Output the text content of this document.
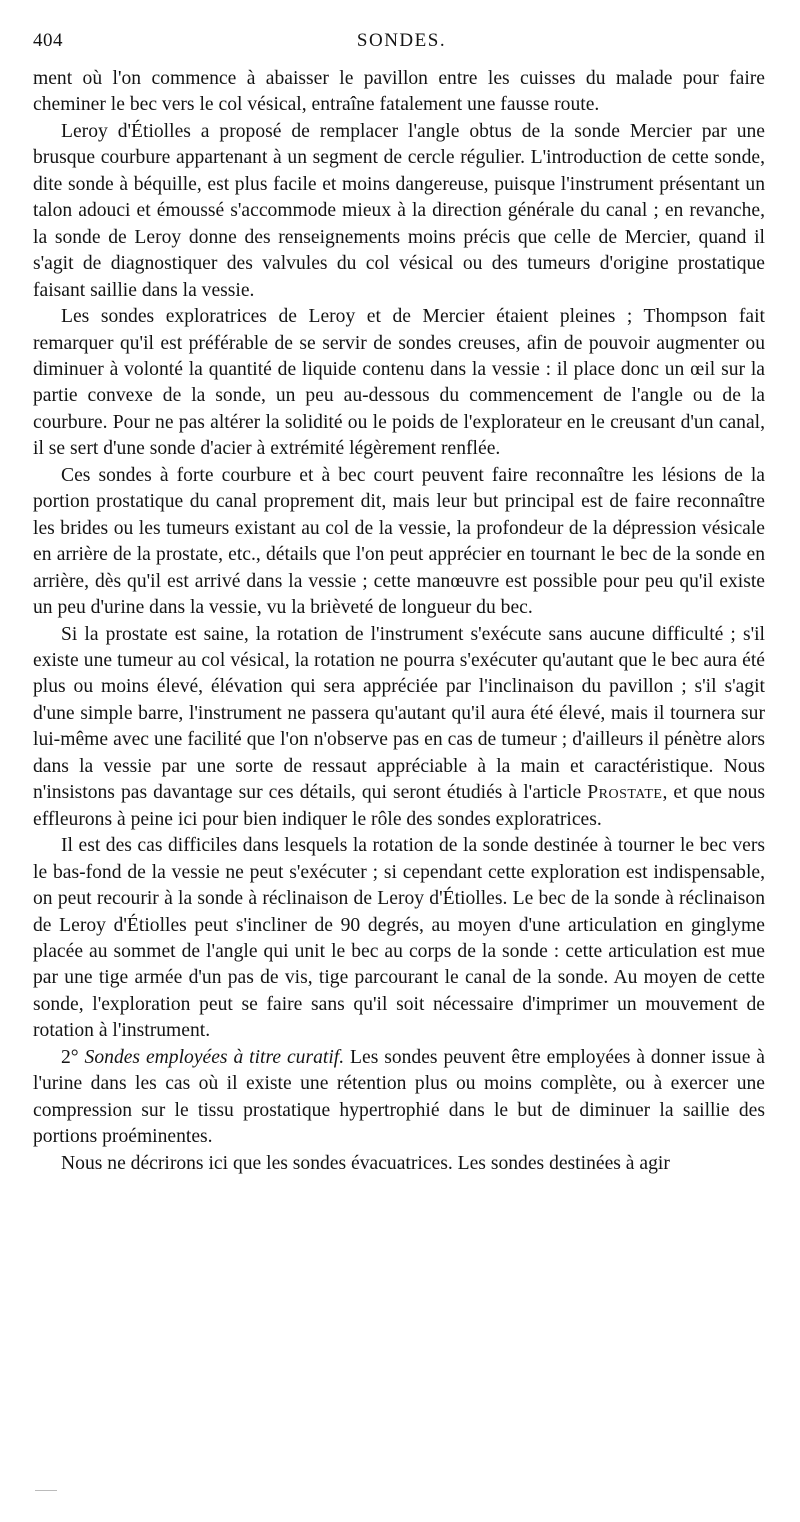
404	SONDES.

ment où l'on commence à abaisser le pavillon entre les cuisses du malade pour faire cheminer le bec vers le col vésical, entraîne fatalement une fausse route.

Leroy d'Étiolles a proposé de remplacer l'angle obtus de la sonde Mercier par une brusque courbure appartenant à un segment de cercle régulier. L'introduction de cette sonde, dite sonde à béquille, est plus facile et moins dangereuse, puisque l'instrument présentant un talon adouci et émoussé s'accommode mieux à la direction générale du canal ; en revanche, la sonde de Leroy donne des renseignements moins précis que celle de Mercier, quand il s'agit de diagnostiquer des valvules du col vésical ou des tumeurs d'origine prostatique faisant saillie dans la vessie.

Les sondes exploratrices de Leroy et de Mercier étaient pleines ; Thompson fait remarquer qu'il est préférable de se servir de sondes creuses, afin de pouvoir augmenter ou diminuer à volonté la quantité de liquide contenu dans la vessie : il place donc un œil sur la partie convexe de la sonde, un peu au-dessous du commencement de l'angle ou de la courbure. Pour ne pas altérer la solidité ou le poids de l'explorateur en le creusant d'un canal, il se sert d'une sonde d'acier à extrémité légèrement renflée.

Ces sondes à forte courbure et à bec court peuvent faire reconnaître les lésions de la portion prostatique du canal proprement dit, mais leur but principal est de faire reconnaître les brides ou les tumeurs existant au col de la vessie, la profondeur de la dépression vésicale en arrière de la prostate, etc., détails que l'on peut apprécier en tournant le bec de la sonde en arrière, dès qu'il est arrivé dans la vessie ; cette manœuvre est possible pour peu qu'il existe un peu d'urine dans la vessie, vu la brièveté de longueur du bec.

Si la prostate est saine, la rotation de l'instrument s'exécute sans aucune difficulté ; s'il existe une tumeur au col vésical, la rotation ne pourra s'exécuter qu'autant que le bec aura été plus ou moins élevé, élévation qui sera appréciée par l'inclinaison du pavillon ; s'il s'agit d'une simple barre, l'instrument ne passera qu'autant qu'il aura été élevé, mais il tournera sur lui-même avec une facilité que l'on n'observe pas en cas de tumeur ; d'ailleurs il pénètre alors dans la vessie par une sorte de ressaut appréciable à la main et caractéristique. Nous n'insistons pas davantage sur ces détails, qui seront étudiés à l'article Prostate, et que nous effleurons à peine ici pour bien indiquer le rôle des sondes exploratrices.

Il est des cas difficiles dans lesquels la rotation de la sonde destinée à tourner le bec vers le bas-fond de la vessie ne peut s'exécuter ; si cependant cette exploration est indispensable, on peut recourir à la sonde à réclinaison de Leroy d'Étiolles. Le bec de la sonde à réclinaison de Leroy d'Étiolles peut s'incliner de 90 degrés, au moyen d'une articulation en ginglyme placée au sommet de l'angle qui unit le bec au corps de la sonde : cette articulation est mue par une tige armée d'un pas de vis, tige parcourant le canal de la sonde. Au moyen de cette sonde, l'exploration peut se faire sans qu'il soit nécessaire d'imprimer un mouvement de rotation à l'instrument.

2° Sondes employées à titre curatif. Les sondes peuvent être employées à donner issue à l'urine dans les cas où il existe une rétention plus ou moins complète, ou à exercer une compression sur le tissu prostatique hypertrophié dans le but de diminuer la saillie des portions proéminentes.

Nous ne décrirons ici que les sondes évacuatrices. Les sondes destinées à agir
